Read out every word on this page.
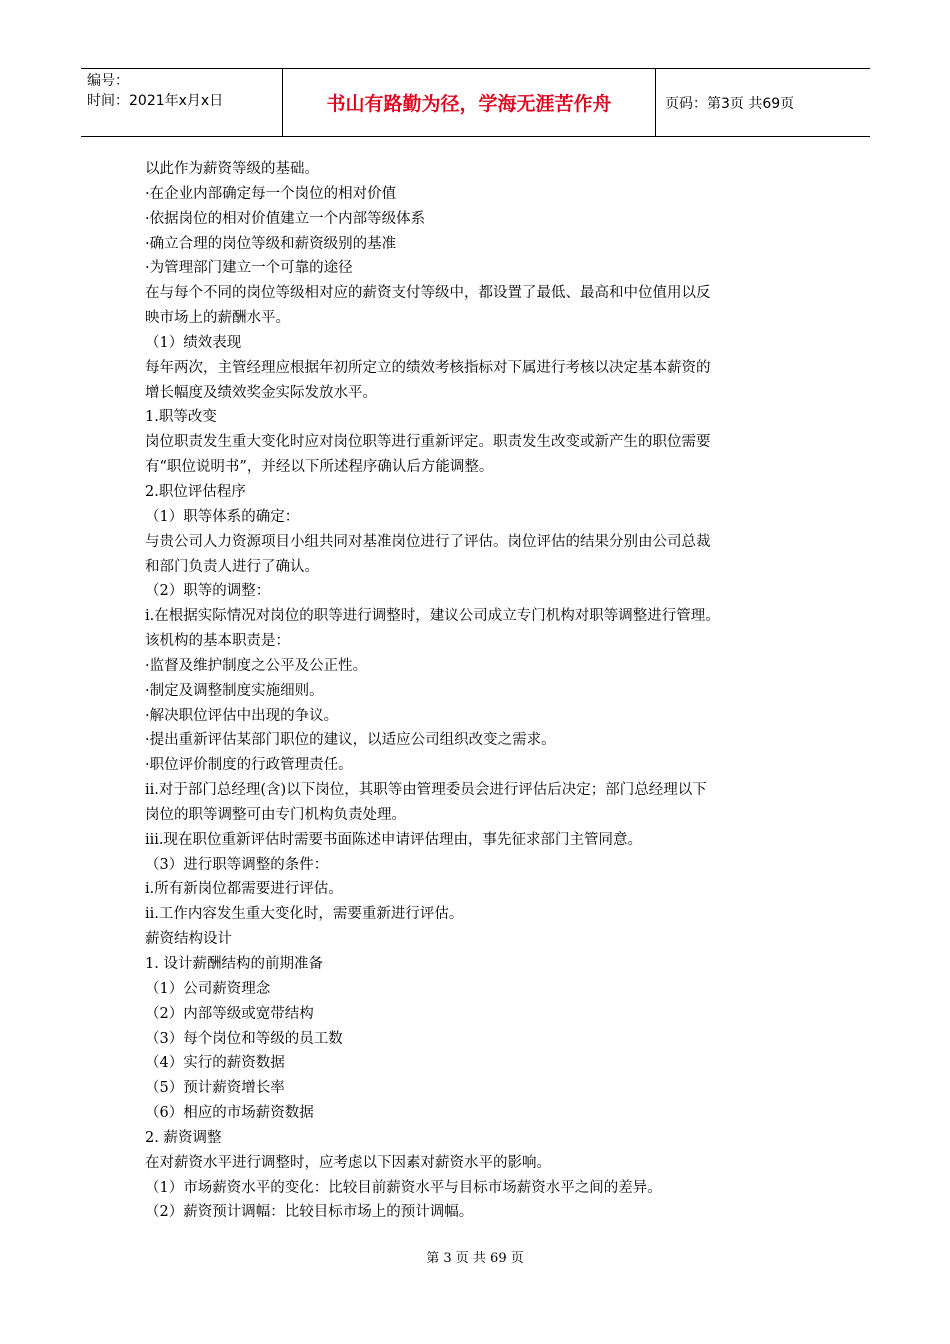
编号：
时间：2021年x月x日	书山有路勤为径，学海无涯苦作舟	页码：第3页 共69页
以此作为薪资等级的基础。
·在企业内部确定每一个岗位的相对价值
·依据岗位的相对价值建立一个内部等级体系
·确立合理的岗位等级和薪资级别的基准
·为管理部门建立一个可靠的途径
在与每个不同的岗位等级相对应的薪资支付等级中，都设置了最低、最高和中位值用以反
映市场上的薪酬水平。
（1）绩效表现
每年两次，主管经理应根据年初所定立的绩效考核指标对下属进行考核以决定基本薪资的
增长幅度及绩效奖金实际发放水平。
1.职等改变
岗位职责发生重大变化时应对岗位职等进行重新评定。职责发生改变或新产生的职位需要
有“职位说明书”，并经以下所述程序确认后方能调整。
2.职位评估程序
（1）职等体系的确定：
与贵公司人力资源项目小组共同对基准岗位进行了评估。岗位评估的结果分别由公司总裁
和部门负责人进行了确认。
（2）职等的调整：
i.在根据实际情况对岗位的职等进行调整时，建议公司成立专门机构对职等调整进行管理。
该机构的基本职责是：
·监督及维护制度之公平及公正性。
·制定及调整制度实施细则。
·解决职位评估中出现的争议。
·提出重新评估某部门职位的建议，以适应公司组织改变之需求。
·职位评价制度的行政管理责任。
ii.对于部门总经理(含)以下岗位，其职等由管理委员会进行评估后决定；部门总经理以下
岗位的职等调整可由专门机构负责处理。
iii.现在职位重新评估时需要书面陈述申请评估理由，事先征求部门主管同意。
（3）进行职等调整的条件：
i.所有新岗位都需要进行评估。
ii.工作内容发生重大变化时，需要重新进行评估。
薪资结构设计
1. 设计薪酬结构的前期准备
（1）公司薪资理念
（2）内部等级或宽带结构
（3）每个岗位和等级的员工数
（4）实行的薪资数据
（5）预计薪资增长率
（6）相应的市场薪资数据
2. 薪资调整
在对薪资水平进行调整时，应考虑以下因素对薪资水平的影响。
（1）市场薪资水平的变化：比较目前薪资水平与目标市场薪资水平之间的差异。
（2）薪资预计调幅：比较目标市场上的预计调幅。
第 3 页 共 69 页
